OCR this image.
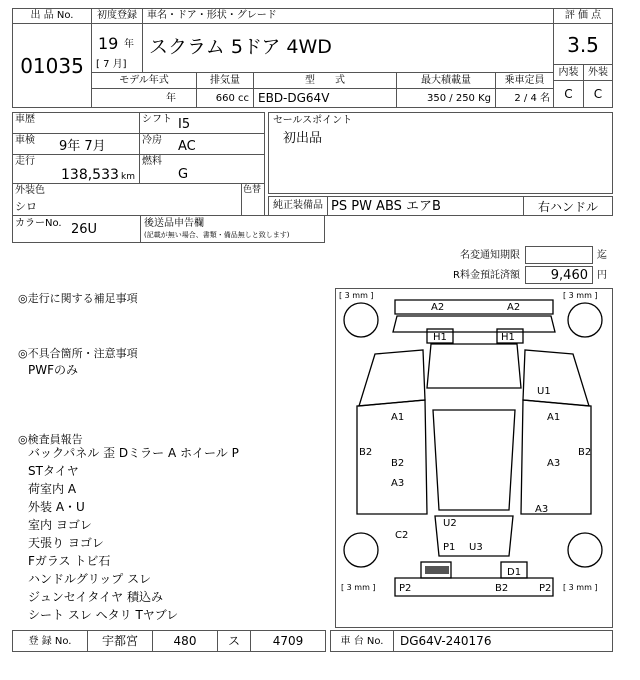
出 品 No.
01035
初度登録
19 年
[ 7 月]
車名・ドア・形状・グレード
スクラム 5ドア 4WD
評 価 点
3.5
内装 外装
C	C
モデル年式	排気量	型　　式	最大積載量	乗車定員
年	660 cc EBD-DG64V	350 / 250 Kg	2 / 4 名
車歴	シフト I5
車検 9年 7月	冷房 AC
走行
138,533 km
燃料
G
外装色
シロ
色替
カラーNo. 26U	後送品申告欄
(記載が無い場合、書類・備品無しと致します)
セールスポイント
初出品
純正装備品 PS PW ABS エアB	右ハンドル
名変通知期限	迄
R料金預託済額	9,460 円
◎走行に関する補足事項
◎不具合箇所・注意事項
PWFのみ
◎検査員報告
バックパネル 歪 Dミラー A ホイール P
STタイヤ
荷室内 A
外装 A・U
室内 ヨゴレ
天張り ヨゴレ
Fガラス トビ石
ハンドルグリップ スレ
ジュンセイタイヤ 積込み
シート スレ ヘタリ Tヤブレ
[ 3 mm ]	[ 3 mm ]
[ 3 mm ]	[ 3 mm ]
A2	A2
H1	H1
U1
A1	A1
B2	B2
B2	A3
A3
A3
C2
U2
P1 U3
D1
P2	B2	P2
登 録 No.	宇都宮	480	ス	4709	車 台 No.	DG64V-240176
